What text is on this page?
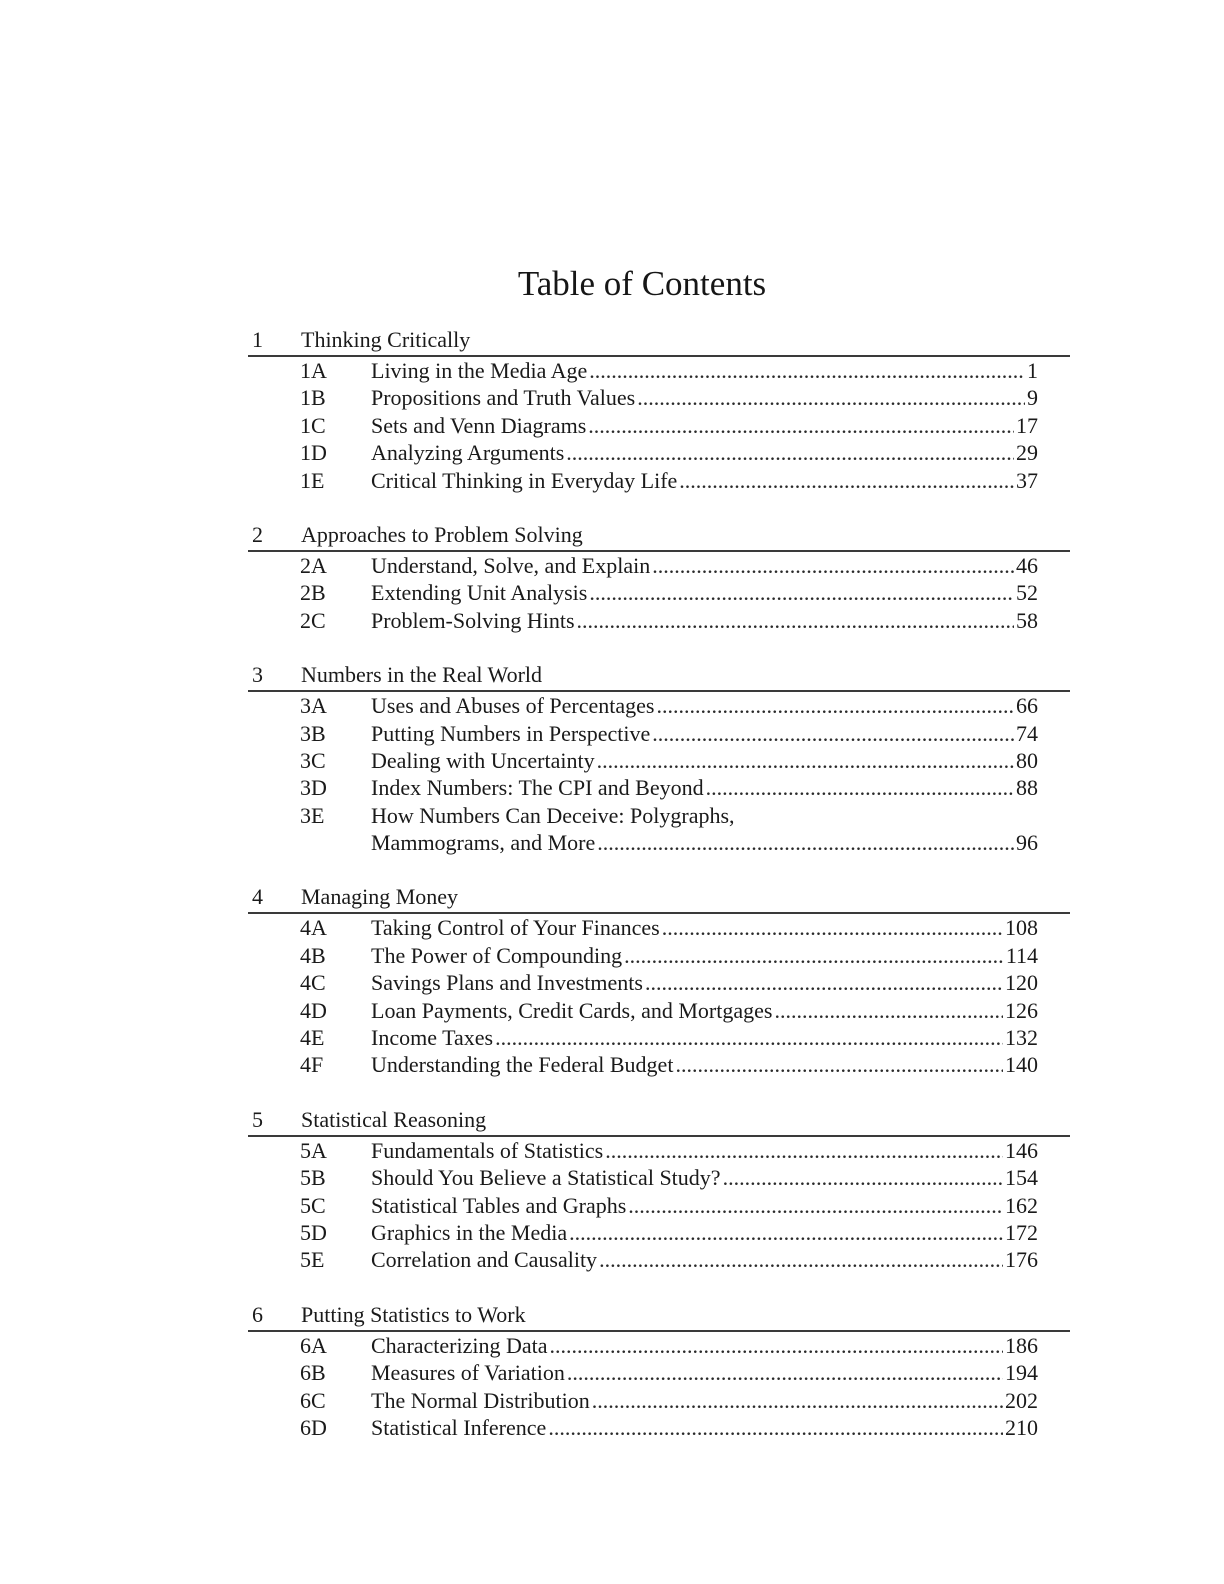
Table of Contents
1 Thinking Critically
1A Living in the Media Age .....	1
1B Propositions and Truth Values .....	9
1C Sets and Venn Diagrams .....	17
1D Analyzing Arguments .....	29
1E Critical Thinking in Everyday Life .....	37
2 Approaches to Problem Solving
2A Understand, Solve, and Explain .....	46
2B Extending Unit Analysis .....	52
2C Problem-Solving Hints .....	58
3 Numbers in the Real World
3A Uses and Abuses of Percentages .....	66
3B Putting Numbers in Perspective .....	74
3C Dealing with Uncertainty .....	80
3D Index Numbers: The CPI and Beyond .....	88
3E How Numbers Can Deceive: Polygraphs,
Mammograms, and More .....	96
4 Managing Money
4A Taking Control of Your Finances .....	108
4B The Power of Compounding .....	114
4C Savings Plans and Investments .....	120
4D Loan Payments, Credit Cards, and Mortgages .....	126
4E Income Taxes .....	132
4F Understanding the Federal Budget .....	140
5 Statistical Reasoning
5A Fundamentals of Statistics .....	146
5B Should You Believe a Statistical Study? .....	154
5C Statistical Tables and Graphs .....	162
5D Graphics in the Media .....	172
5E Correlation and Causality .....	176
6 Putting Statistics to Work
6A Characterizing Data .....	186
6B Measures of Variation .....	194
6C The Normal Distribution .....	202
6D Statistical Inference .....	210
